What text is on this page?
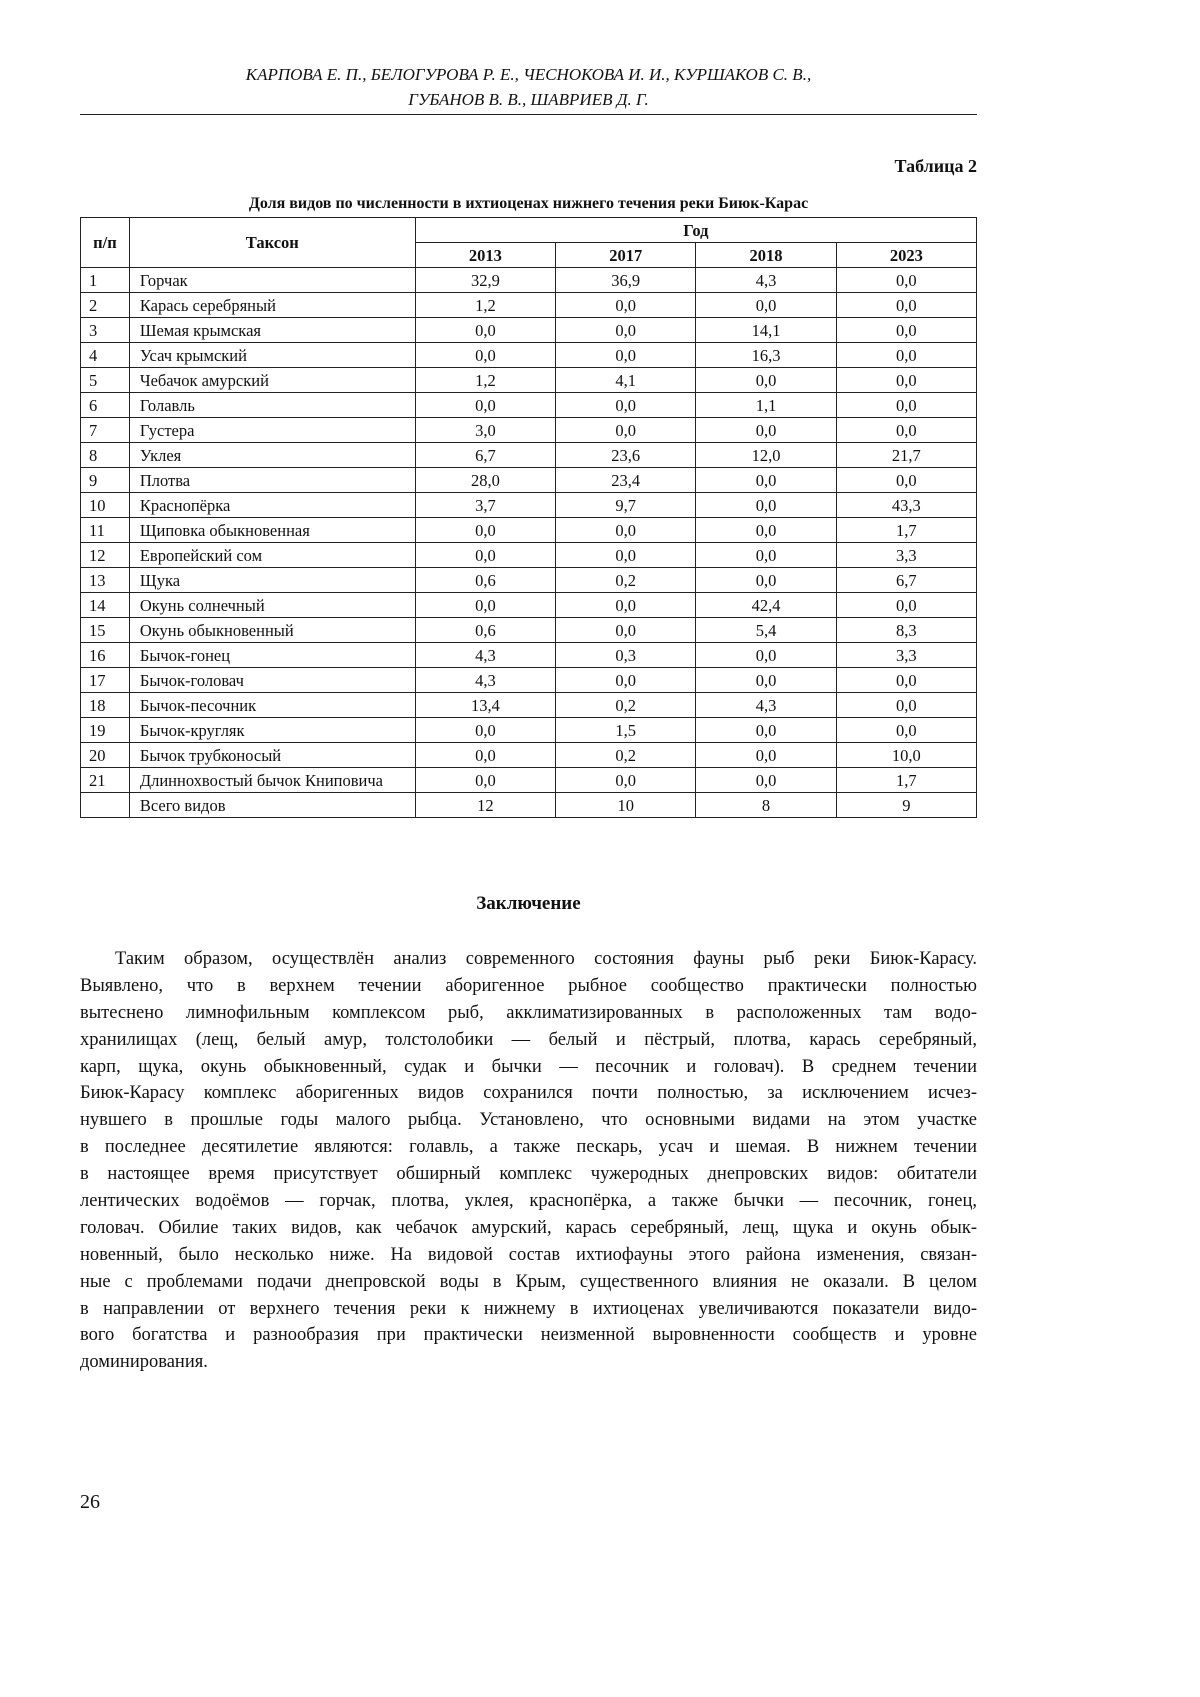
КАРПОВА Е. П., БЕЛОГУРОВА Р. Е., ЧЕСНОКОВА И. И., КУРШАКОВ С. В.,
ГУБАНОВ В. В., ШАВРИЕВ Д. Г.
Таблица 2
Доля видов по численности в ихтиоценах нижнего течения реки Биюк-Карас
п/п	Таксон	Год			
		2013	2017	2018	2023
1	Горчак	32,9	36,9	4,3	0,0
2	Карась серебряный	1,2	0,0	0,0	0,0
3	Шемая крымская	0,0	0,0	14,1	0,0
4	Усач крымский	0,0	0,0	16,3	0,0
5	Чебачок амурский	1,2	4,1	0,0	0,0
6	Голавль	0,0	0,0	1,1	0,0
7	Густера	3,0	0,0	0,0	0,0
8	Уклея	6,7	23,6	12,0	21,7
9	Плотва	28,0	23,4	0,0	0,0
10	Краснопёрка	3,7	9,7	0,0	43,3
11	Щиповка обыкновенная	0,0	0,0	0,0	1,7
12	Европейский сом	0,0	0,0	0,0	3,3
13	Щука	0,6	0,2	0,0	6,7
14	Окунь солнечный	0,0	0,0	42,4	0,0
15	Окунь обыкновенный	0,6	0,0	5,4	8,3
16	Бычок-гонец	4,3	0,3	0,0	3,3
17	Бычок-головач	4,3	0,0	0,0	0,0
18	Бычок-песочник	13,4	0,2	4,3	0,0
19	Бычок-кругляк	0,0	1,5	0,0	0,0
20	Бычок трубконосый	0,0	0,2	0,0	10,0
21	Длиннохвостый бычок Книповича	0,0	0,0	0,0	1,7
	Всего видов	12	10	8	9
Заключение
Таким образом, осуществлён анализ современного состояния фауны рыб реки Биюк-Карасу.
Выявлено, что в верхнем течении аборигенное рыбное сообщество практически полностью
вытеснено лимнофильным комплексом рыб, акклиматизированных в расположенных там водо-
хранилищах (лещ, белый амур, толстолобики — белый и пёстрый, плотва, карась серебряный,
карп, щука, окунь обыкновенный, судак и бычки — песочник и головач). В среднем течении
Биюк-Карасу комплекс аборигенных видов сохранился почти полностью, за исключением исчез-
нувшего в прошлые годы малого рыбца. Установлено, что основными видами на этом участке
в последнее десятилетие являются: голавль, а также пескарь, усач и шемая. В нижнем течении
в настоящее время присутствует обширный комплекс чужеродных днепровских видов: обитатели
лентических водоёмов — горчак, плотва, уклея, краснопёрка, а также бычки — песочник, гонец,
головач. Обилие таких видов, как чебачок амурский, карась серебряный, лещ, щука и окунь обык-
новенный, было несколько ниже. На видовой состав ихтиофауны этого района изменения, связан-
ные с проблемами подачи днепровской воды в Крым, существенного влияния не оказали. В целом
в направлении от верхнего течения реки к нижнему в ихтиоценах увеличиваются показатели видо-
вого богатства и разнообразия при практически неизменной выровненности сообществ и уровне
доминирования.
26
